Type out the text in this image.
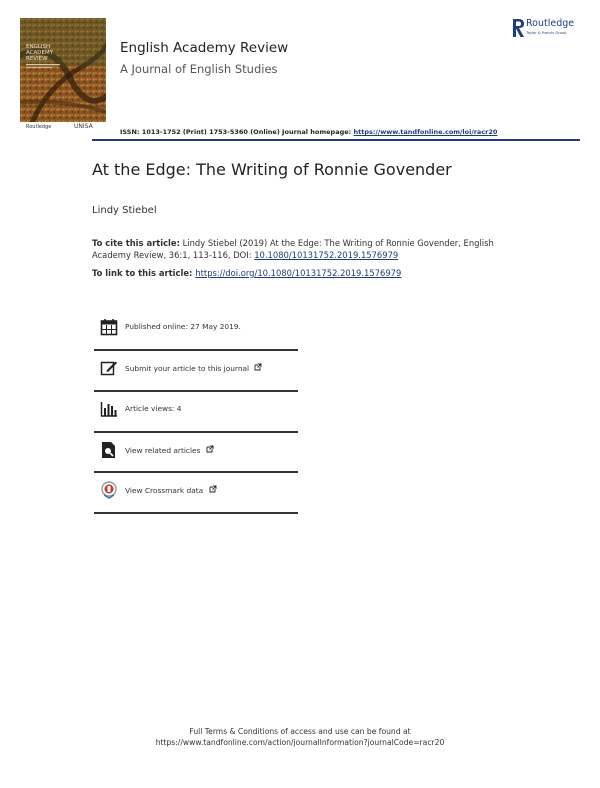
ENGLISH
ACADEMY
REVIEW
Routledge	UNISA
English Academy Review
A Journal of English Studies
ISSN: 1013-1752 (Print) 1753-5360 (Online) Journal homepage: https://www.tandfonline.com/loi/racr20
Routledge
Taylor & Francis Group
At the Edge: The Writing of Ronnie Govender
Lindy Stiebel
To cite this article: Lindy Stiebel (2019) At the Edge: The Writing of Ronnie Govender, English Academy Review, 36:1, 113-116, DOI: 10.1080/10131752.2019.1576979
To link to this article: https://doi.org/10.1080/10131752.2019.1576979
Published online: 27 May 2019.
Submit your article to this journal
Article views: 4
View related articles
View Crossmark data
Full Terms & Conditions of access and use can be found at
https://www.tandfonline.com/action/journalInformation?journalCode=racr20
